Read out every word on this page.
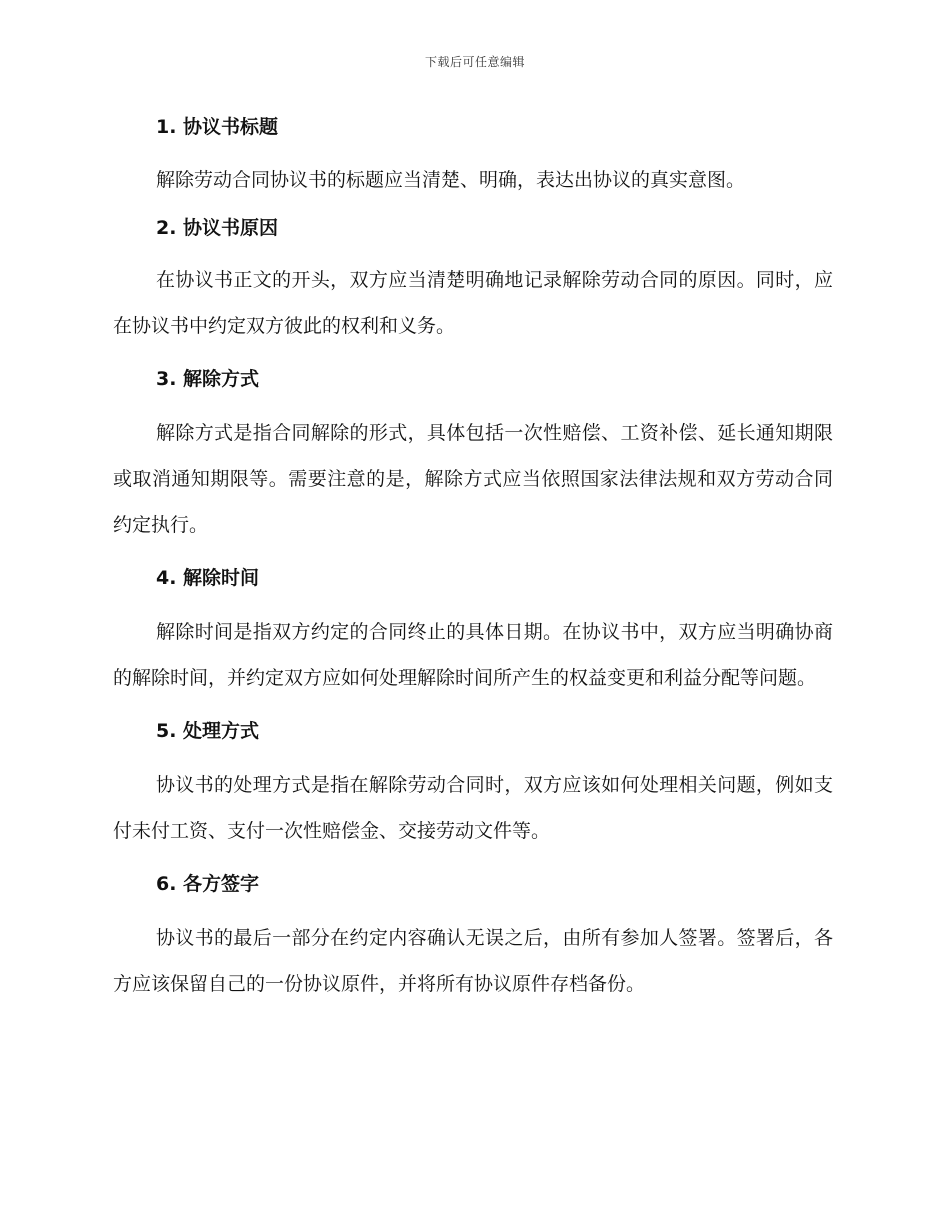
下载后可任意编辑
1. 协议书标题

解除劳动合同协议书的标题应当清楚、明确，表达出协议的真实意图。

2. 协议书原因

在协议书正文的开头，双方应当清楚明确地记录解除劳动合同的原因。同时，应在协议书中约定双方彼此的权利和义务。

3. 解除方式

解除方式是指合同解除的形式，具体包括一次性赔偿、工资补偿、延长通知期限或取消通知期限等。需要注意的是，解除方式应当依照国家法律法规和双方劳动合同约定执行。

4. 解除时间

解除时间是指双方约定的合同终止的具体日期。在协议书中，双方应当明确协商的解除时间，并约定双方应如何处理解除时间所产生的权益变更和利益分配等问题。

5. 处理方式

协议书的处理方式是指在解除劳动合同时，双方应该如何处理相关问题，例如支付未付工资、支付一次性赔偿金、交接劳动文件等。

6. 各方签字

协议书的最后一部分在约定内容确认无误之后，由所有参加人签署。签署后，各方应该保留自己的一份协议原件，并将所有协议原件存档备份。
